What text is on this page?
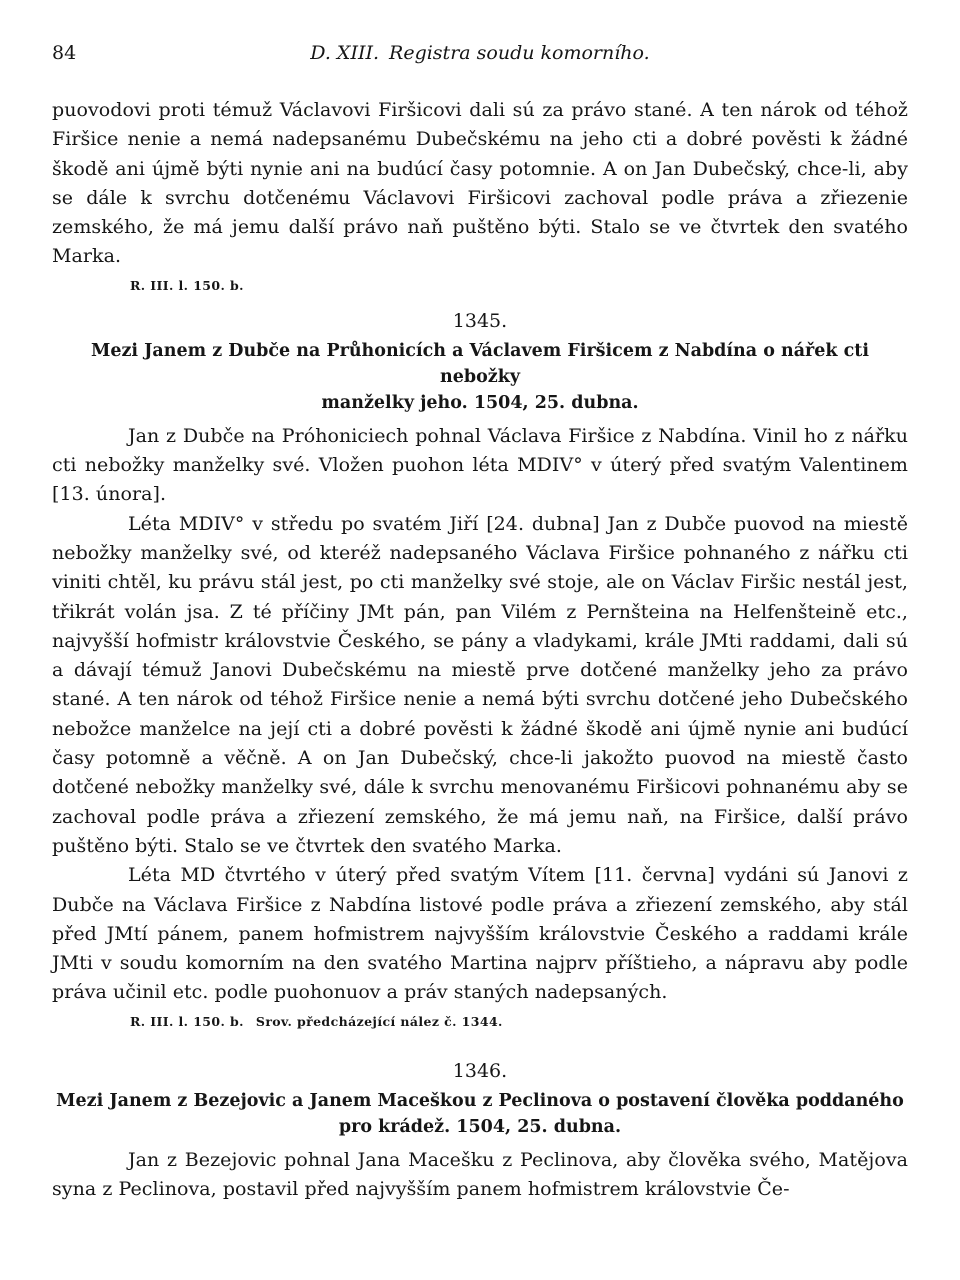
84	D. XIII. Registra soudu komorního.

puovodovi proti témuž Václavovi Firšicovi dali sú za právo stané. A ten nárok od téhož Firšice nenie a nemá nadepsanému Dubečskému na jeho cti a dobré pověsti k žádné škodě ani újmě býti nynie ani na budúcí časy potomnie. A on Jan Dubečský, chce-li, aby se dále k svrchu dotčenému Václavovi Firšicovi zachoval podle práva a zřiezenie zemského, že má jemu další právo naň puštěno býti. Stalo se ve čtvrtek den svatého Marka.

R. III. l. 150. b.
1345.
Mezi Janem z Dubče na Průhonicích a Václavem Firšicem z Nabdína o nářek cti nebožky
manželky jeho. 1504, 25. dubna.

Jan z Dubče na Próhoniciech pohnal Václava Firšice z Nabdína. Vinil ho z nářku cti nebožky manželky své. Vložen puohon léta MDIV° v úterý před svatým Valentinem [13. února].

Léta MDIV° v středu po svatém Jiří [24. dubna] Jan z Dubče puovod na miestě nebožky manželky své, od kteréž nadepsaného Václava Firšice pohnaného z nářku cti viniti chtěl, ku právu stál jest, po cti manželky své stoje, ale on Václav Firšic nestál jest, třikrát volán jsa. Z té příčiny JMt pán, pan Vilém z Pernšteina na Helfenšteině etc., najvyšší hofmistr královstvie Českého, se pány a vladykami, krále JMti raddami, dali sú a dávají témuž Janovi Dubečskému na miestě prve dotčené manželky jeho za právo stané. A ten nárok od téhož Firšice nenie a nemá býti svrchu dotčené jeho Dubečského nebožce manželce na její cti a dobré pověsti k žádné škodě ani újmě nynie ani budúcí časy potomně a věčně. A on Jan Dubečský, chce-li jakožto puovod na miestě často dotčené nebožky manželky své, dále k svrchu menovanému Firšicovi pohnanému aby se zachoval podle práva a zřiezení zemského, že má jemu naň, na Firšice, další právo puštěno býti. Stalo se ve čtvrtek den svatého Marka.

Léta MD čtvrtého v úterý před svatým Vítem [11. června] vydáni sú Janovi z Dubče na Václava Firšice z Nabdína listové podle práva a zřiezení zemského, aby stál před JMtí pánem, panem hofmistrem najvyšším královstvie Českého a raddami krále JMti v soudu komorním na den svatého Martina najprv příštieho, a nápravu aby podle práva učinil etc. podle puohonuov a práv staných nadepsaných.

R. III. l. 150. b. Srov. předcházející nález č. 1344.
1346.
Mezi Janem z Bezejovic a Janem Maceškou z Peclinova o postavení člověka poddaného
pro krádež. 1504, 25. dubna.

Jan z Bezejovic pohnal Jana Macešku z Peclinova, aby člověka svého, Matějova syna z Peclinova, postavil před najvyšším panem hofmistrem královstvie Če-
